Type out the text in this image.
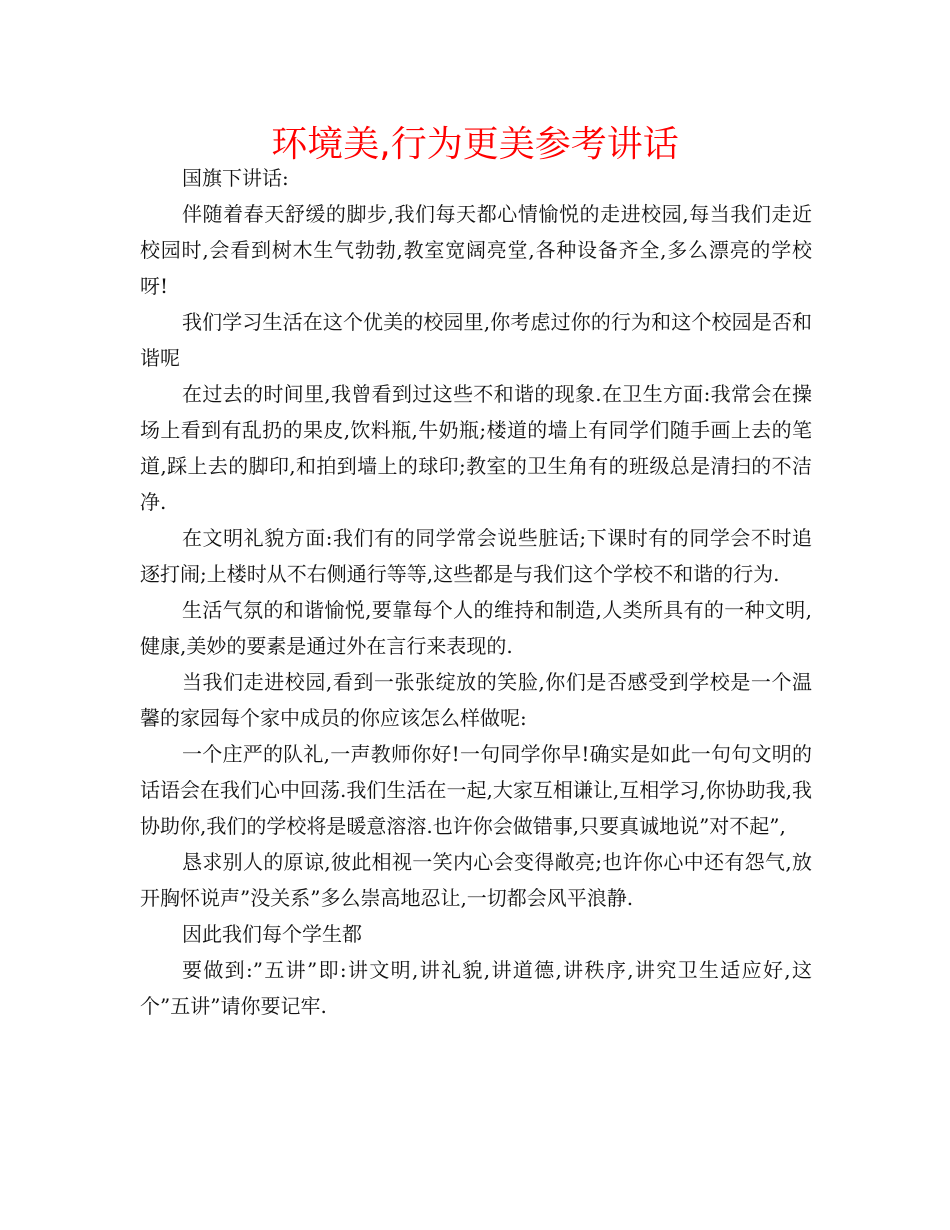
环境美,行为更美参考讲话

国旗下讲话:

伴随着春天舒缓的脚步,我们每天都心情愉悦的走进校园,每当我们走近校园时,会看到树木生气勃勃,教室宽阔亮堂,各种设备齐全,多么漂亮的学校呀!

我们学习生活在这个优美的校园里,你考虑过你的行为和这个校园是否和谐呢

在过去的时间里,我曾看到过这些不和谐的现象.在卫生方面:我常会在操场上看到有乱扔的果皮,饮料瓶,牛奶瓶;楼道的墙上有同学们随手画上去的笔道,踩上去的脚印,和拍到墙上的球印;教室的卫生角有的班级总是清扫的不洁净.

在文明礼貌方面:我们有的同学常会说些脏话;下课时有的同学会不时追逐打闹;上楼时从不右侧通行等等,这些都是与我们这个学校不和谐的行为.

生活气氛的和谐愉悦,要靠每个人的维持和制造,人类所具有的一种文明,健康,美妙的要素是通过外在言行来表现的.

当我们走进校园,看到一张张绽放的笑脸,你们是否感受到学校是一个温馨的家园每个家中成员的你应该怎么样做呢:

一个庄严的队礼,一声教师你好!一句同学你早!确实是如此一句句文明的话语会在我们心中回荡.我们生活在一起,大家互相谦让,互相学习,你协助我,我协助你,我们的学校将是暖意溶溶.也许你会做错事,只要真诚地说”对不起”,

恳求别人的原谅,彼此相视一笑内心会变得敞亮;也许你心中还有怨气,放开胸怀说声”没关系”多么崇高地忍让,一切都会风平浪静.

因此我们每个学生都

要做到:”五讲”即:讲文明,讲礼貌,讲道德,讲秩序,讲究卫生适应好,这个”五讲”请你要记牢.
